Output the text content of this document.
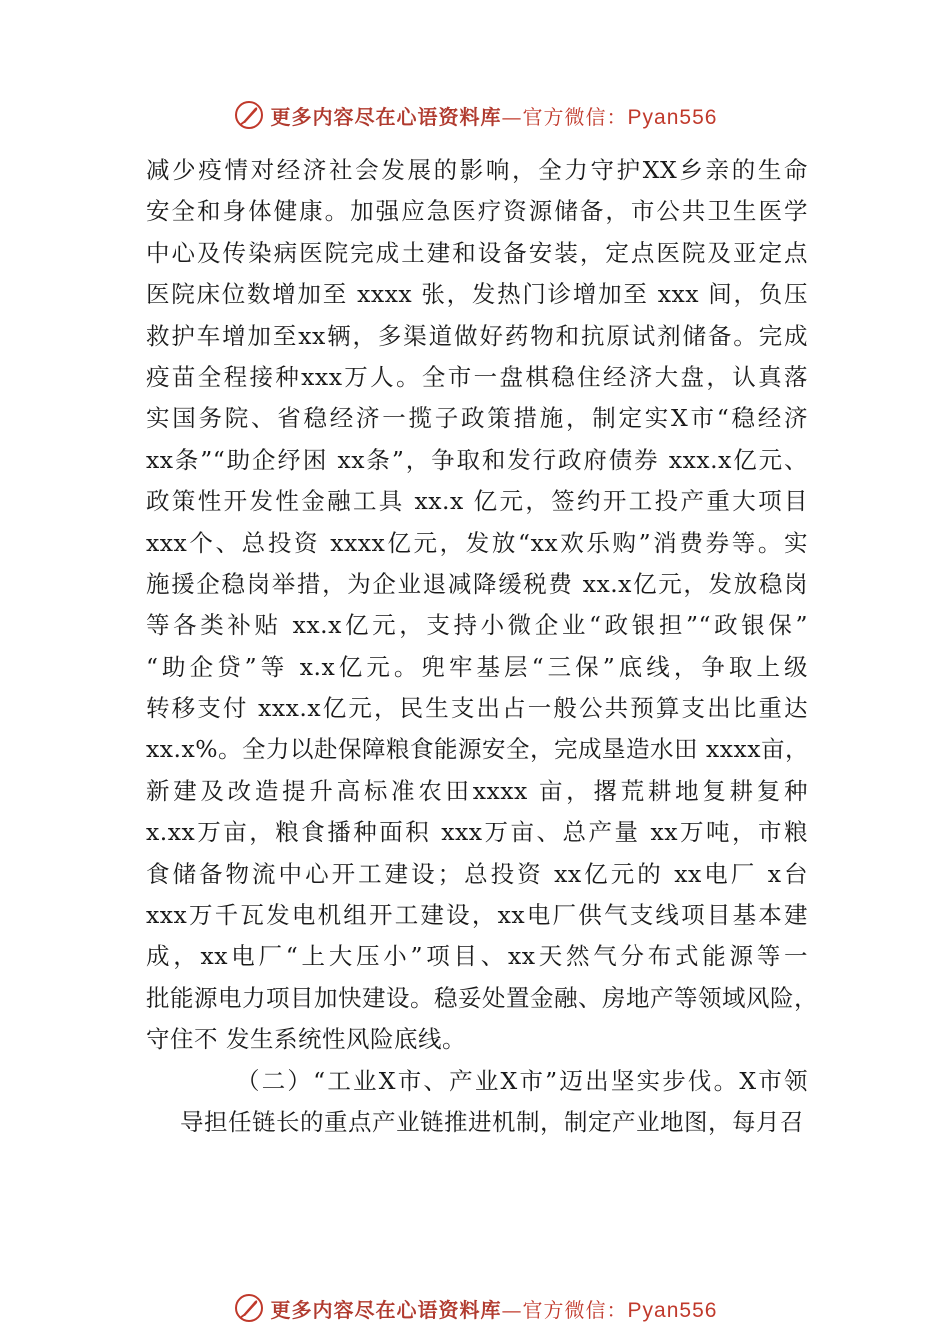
更多内容尽在心语资料库—官方微信：Pyan556
减少疫情对经济社会发展的影响，全力守护XX乡亲的生命
安全和身体健康。加强应急医疗资源储备，市公共卫生医学
中心及传染病医院完成土建和设备安装，定点医院及亚定点
医院床位数增加至 xxxx 张，发热门诊增加至 xxx 间，负压
救护车增加至xx辆，多渠道做好药物和抗原试剂储备。完成
疫苗全程接种xxx万人。全市一盘棋稳住经济大盘，认真落
实国务院、省稳经济一揽子政策措施，制定实X市“稳经济
xx条”“助企纾困 xx条”，争取和发行政府债券 xxx.x亿元、
政策性开发性金融工具 xx.x 亿元，签约开工投产重大项目
xxx个、总投资 xxxx亿元，发放“xx欢乐购”消费券等。实
施援企稳岗举措，为企业退减降缓税费 xx.x亿元，发放稳岗
等各类补贴 xx.x亿元，支持小微企业“政银担”“政银保”
“助企贷”等 x.x亿元。兜牢基层“三保”底线，争取上级
转移支付 xxx.x亿元，民生支出占一般公共预算支出比重达
xx.x%。全力以赴保障粮食能源安全，完成垦造水田 xxxx亩，
新建及改造提升高标准农田xxxx 亩，撂荒耕地复耕复种
x.xx万亩，粮食播种面积 xxx万亩、总产量 xx万吨，市粮
食储备物流中心开工建设；总投资 xx亿元的 xx电厂 x台
xxx万千瓦发电机组开工建设，xx电厂供气支线项目基本建
成，xx电厂“上大压小”项目、xx天然气分布式能源等一
批能源电力项目加快建设。稳妥处置金融、房地产等领域风险，
守住不 发生系统性风险底线。
（二）“工业X市、产业X市”迈出坚实步伐。X市领
导担任链长的重点产业链推进机制，制定产业地图，每月召
更多内容尽在心语资料库—官方微信：Pyan556
